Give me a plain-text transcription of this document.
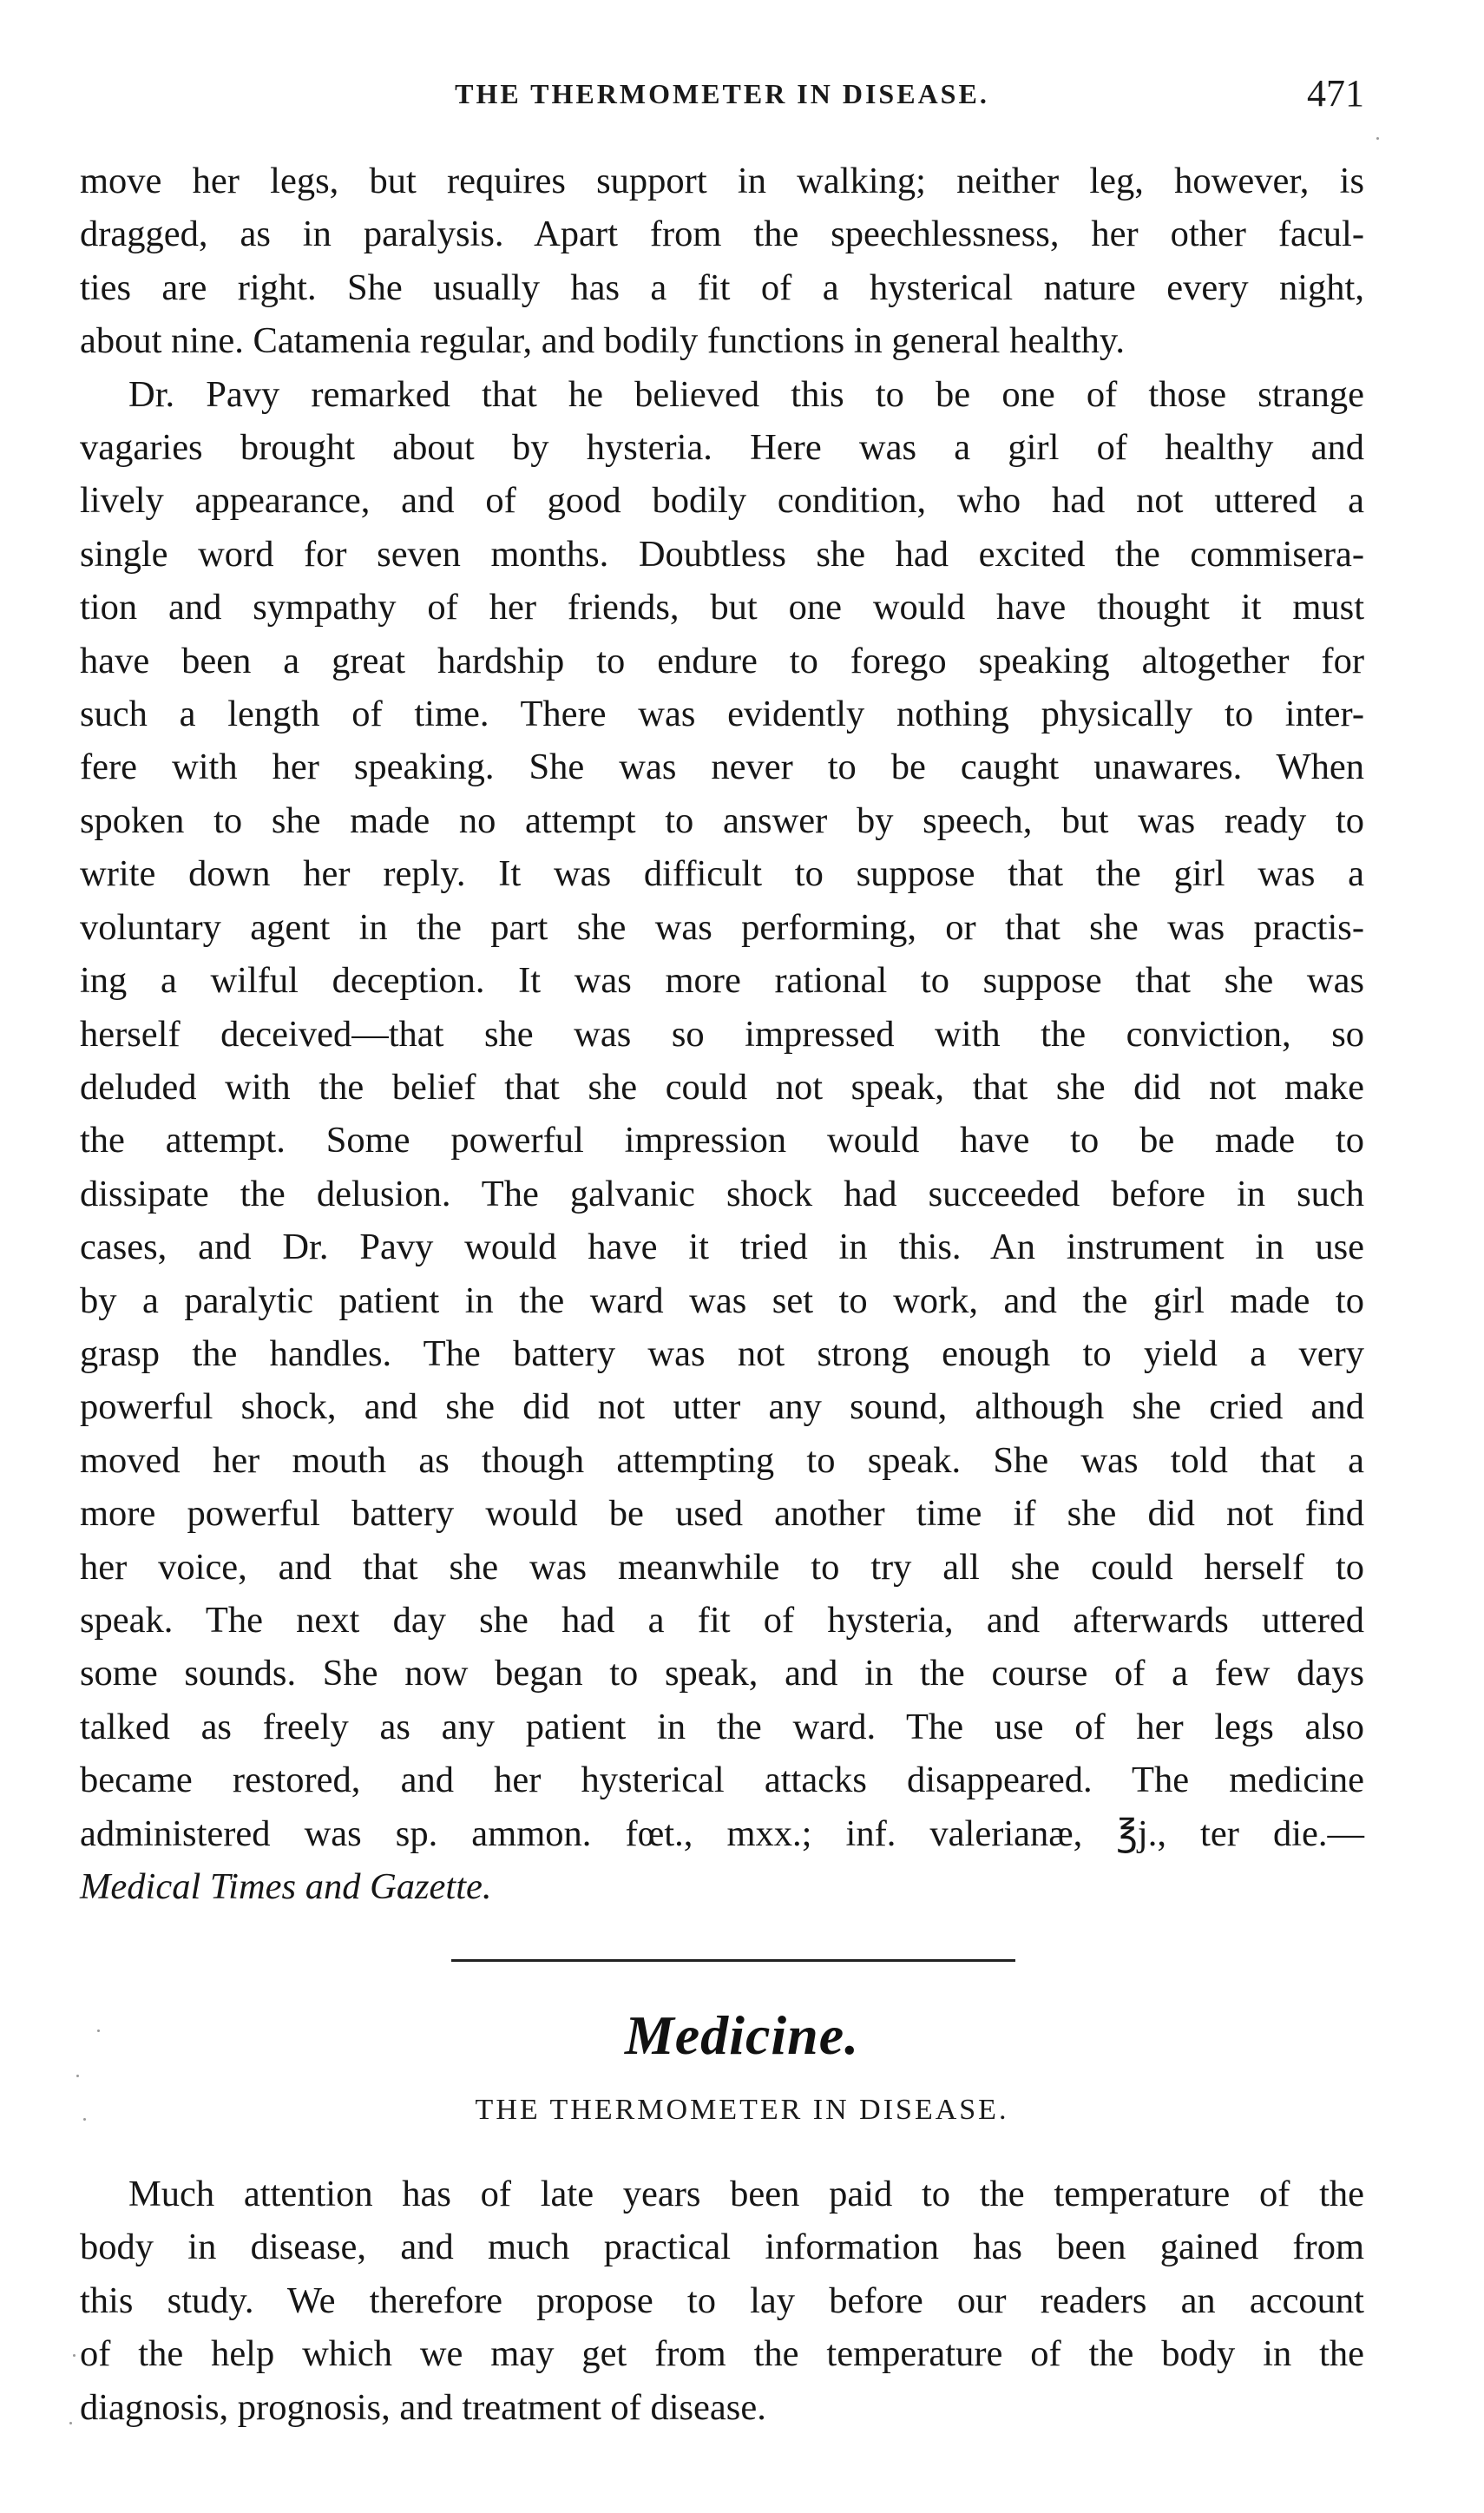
THE THERMOMETER IN DISEASE.	471
move her legs, but requires support in walking; neither leg, however, is
dragged, as in paralysis. Apart from the speechlessness, her other facul-
ties are right. She usually has a fit of a hysterical nature every night,
about nine. Catamenia regular, and bodily functions in general healthy.
Dr. Pavy remarked that he believed this to be one of those strange
vagaries brought about by hysteria. Here was a girl of healthy and
lively appearance, and of good bodily condition, who had not uttered a
single word for seven months. Doubtless she had excited the commisera-
tion and sympathy of her friends, but one would have thought it must
have been a great hardship to endure to forego speaking altogether for
such a length of time. There was evidently nothing physically to inter-
fere with her speaking. She was never to be caught unawares. When
spoken to she made no attempt to answer by speech, but was ready to
write down her reply. It was difficult to suppose that the girl was a
voluntary agent in the part she was performing, or that she was practis-
ing a wilful deception. It was more rational to suppose that she was
herself deceived—that she was so impressed with the conviction, so
deluded with the belief that she could not speak, that she did not make
the attempt. Some powerful impression would have to be made to
dissipate the delusion. The galvanic shock had succeeded before in such
cases, and Dr. Pavy would have it tried in this. An instrument in use
by a paralytic patient in the ward was set to work, and the girl made to
grasp the handles. The battery was not strong enough to yield a very
powerful shock, and she did not utter any sound, although she cried and
moved her mouth as though attempting to speak. She was told that a
more powerful battery would be used another time if she did not find
her voice, and that she was meanwhile to try all she could herself to
speak. The next day she had a fit of hysteria, and afterwards uttered
some sounds. She now began to speak, and in the course of a few days
talked as freely as any patient in the ward. The use of her legs also
became restored, and her hysterical attacks disappeared. The medicine
administered was sp. ammon. fœt., mxx.; inf. valerianæ, ℥j., ter die.—
Medical Times and Gazette.
Medicine.
THE THERMOMETER IN DISEASE.
Much attention has of late years been paid to the temperature of the
body in disease, and much practical information has been gained from
this study. We therefore propose to lay before our readers an account
of the help which we may get from the temperature of the body in the
diagnosis, prognosis, and treatment of disease.
